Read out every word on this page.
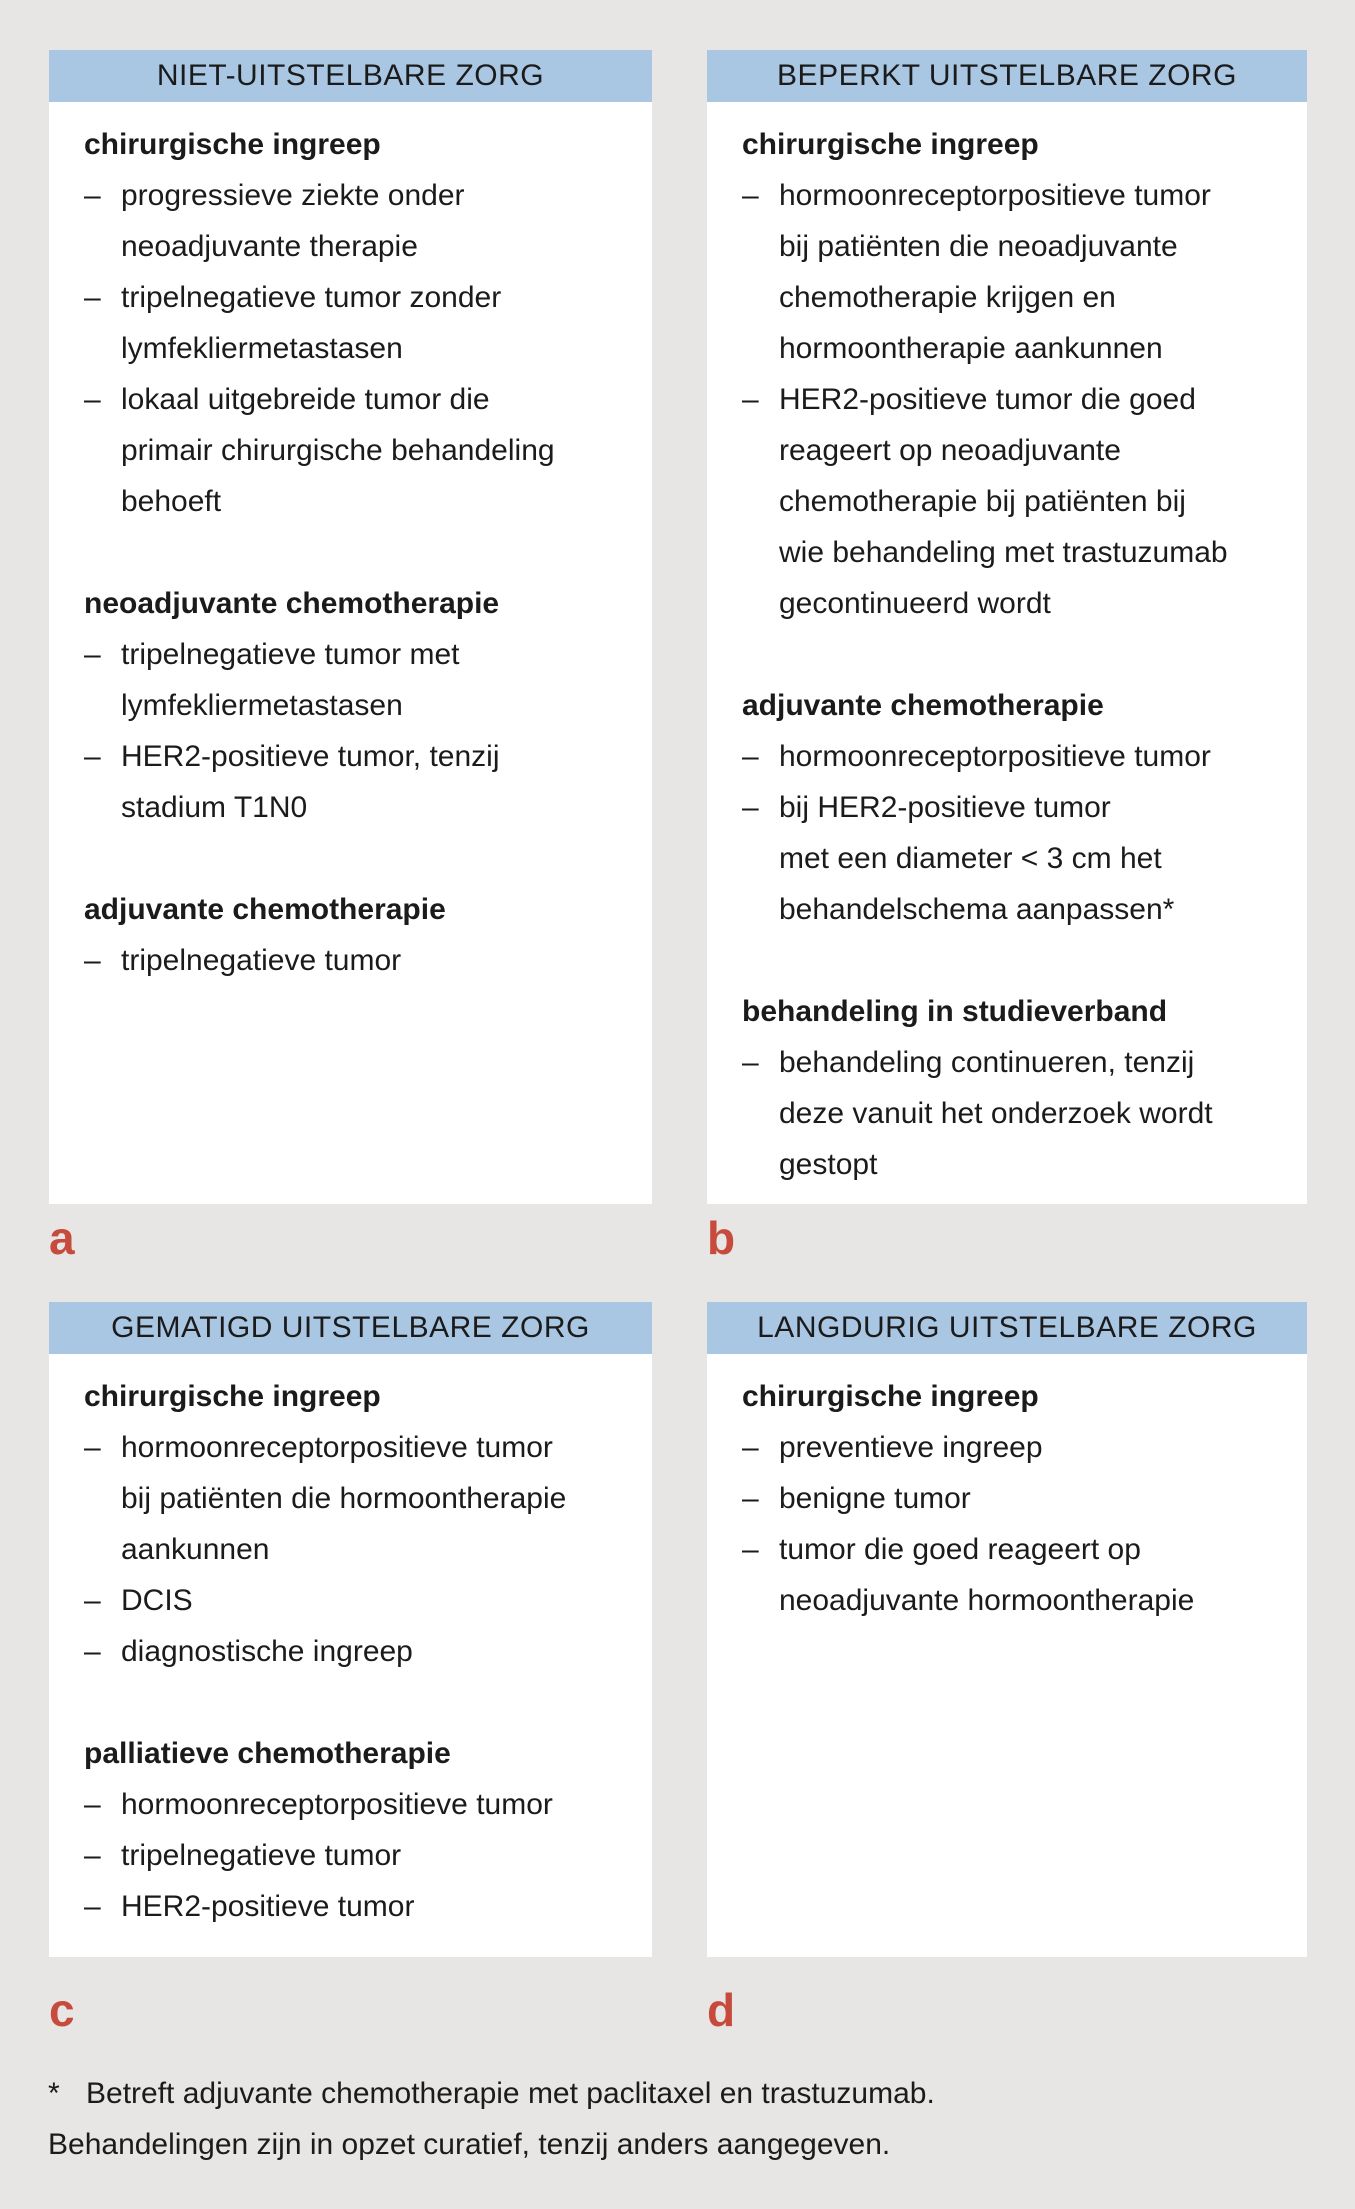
NIET-UITSTELBARE ZORG
chirurgische ingreep
– progressieve ziekte onder
neoadjuvante therapie
– tripelnegatieve tumor zonder
lymfekliermetastasen
– lokaal uitgebreide tumor die
primair chirurgische behandeling
behoeft
neoadjuvante chemotherapie
– tripelnegatieve tumor met
lymfekliermetastasen
– HER2-positieve tumor, tenzij
stadium T1N0
adjuvante chemotherapie
– tripelnegatieve tumor
BEPERKT UITSTELBARE ZORG
chirurgische ingreep
– hormoonreceptorpositieve tumor
bij patiënten die neoadjuvante
chemotherapie krijgen en
hormoontherapie aankunnen
– HER2-positieve tumor die goed
reageert op neoadjuvante
chemotherapie bij patiënten bij
wie behandeling met trastuzumab
gecontinueerd wordt
adjuvante chemotherapie
– hormoonreceptorpositieve tumor
– bij HER2-positieve tumor
met een diameter < 3 cm het
behandelschema aanpassen*
behandeling in studieverband
– behandeling continueren, tenzij
deze vanuit het onderzoek wordt
gestopt
GEMATIGD UITSTELBARE ZORG
chirurgische ingreep
– hormoonreceptorpositieve tumor
bij patiënten die hormoontherapie
aankunnen
– DCIS
– diagnostische ingreep
palliatieve chemotherapie
– hormoonreceptorpositieve tumor
– tripelnegatieve tumor
– HER2-positieve tumor
LANGDURIG UITSTELBARE ZORG
chirurgische ingreep
– preventieve ingreep
– benigne tumor
– tumor die goed reageert op
neoadjuvante hormoontherapie
a	b
c	d
* Betreft adjuvante chemotherapie met paclitaxel en trastuzumab.
Behandelingen zijn in opzet curatief, tenzij anders aangegeven.
